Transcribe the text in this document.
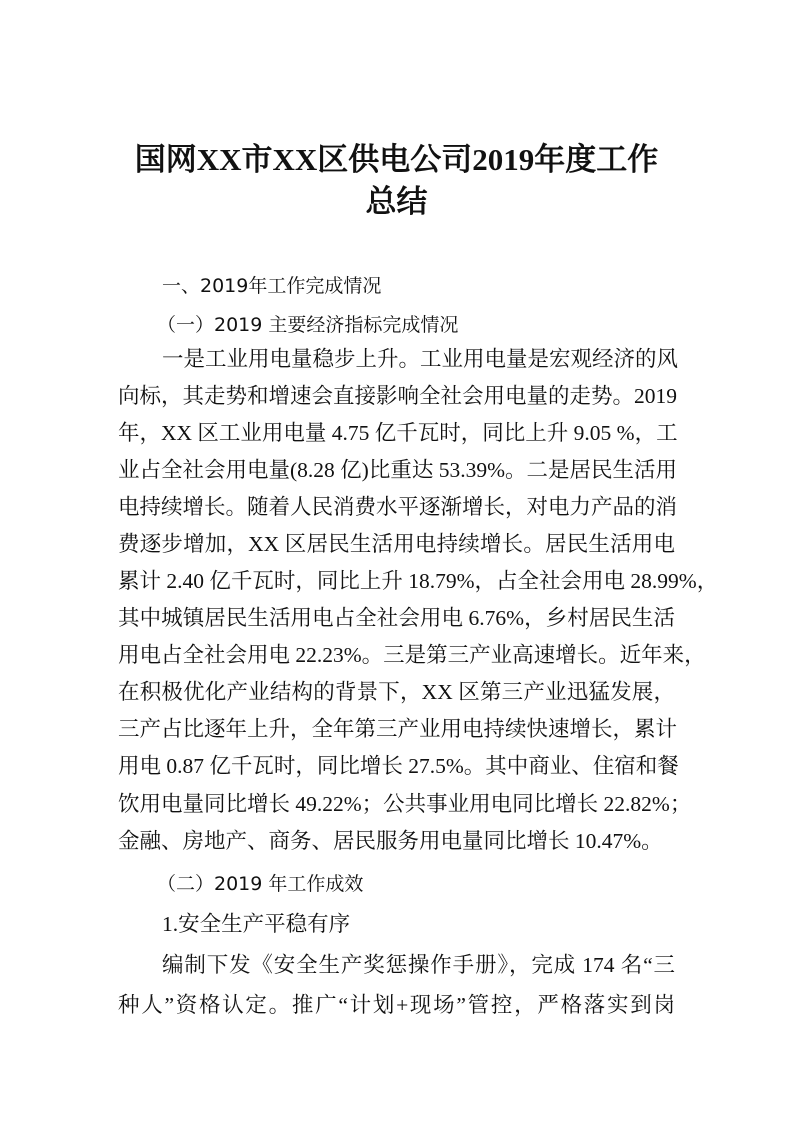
国网XX市XX区供电公司2019年度工作
总结
一、2019年工作完成情况
（一）2019 主要经济指标完成情况
一是工业用电量稳步上升。工业用电量是宏观经济的风
向标，其走势和增速会直接影响全社会用电量的走势。2019
年，XX 区工业用电量 4.75 亿千瓦时，同比上升 9.05 %，工
业占全社会用电量(8.28 亿)比重达 53.39%。二是居民生活用
电持续增长。随着人民消费水平逐渐增长，对电力产品的消
费逐步增加，XX 区居民生活用电持续增长。居民生活用电
累计 2.40 亿千瓦时，同比上升 18.79%，占全社会用电 28.99%，
其中城镇居民生活用电占全社会用电 6.76%，乡村居民生活
用电占全社会用电 22.23%。三是第三产业高速增长。近年来，
在积极优化产业结构的背景下，XX 区第三产业迅猛发展，
三产占比逐年上升，全年第三产业用电持续快速增长，累计
用电 0.87 亿千瓦时，同比增长 27.5%。其中商业、住宿和餐
饮用电量同比增长 49.22%；公共事业用电同比增长 22.82%；
金融、房地产、商务、居民服务用电量同比增长 10.47%。
（二）2019 年工作成效
1.安全生产平稳有序
编制下发《安全生产奖惩操作手册》，完成 174 名“三
种人”资格认定。推广“计划+现场”管控，严格落实到岗
